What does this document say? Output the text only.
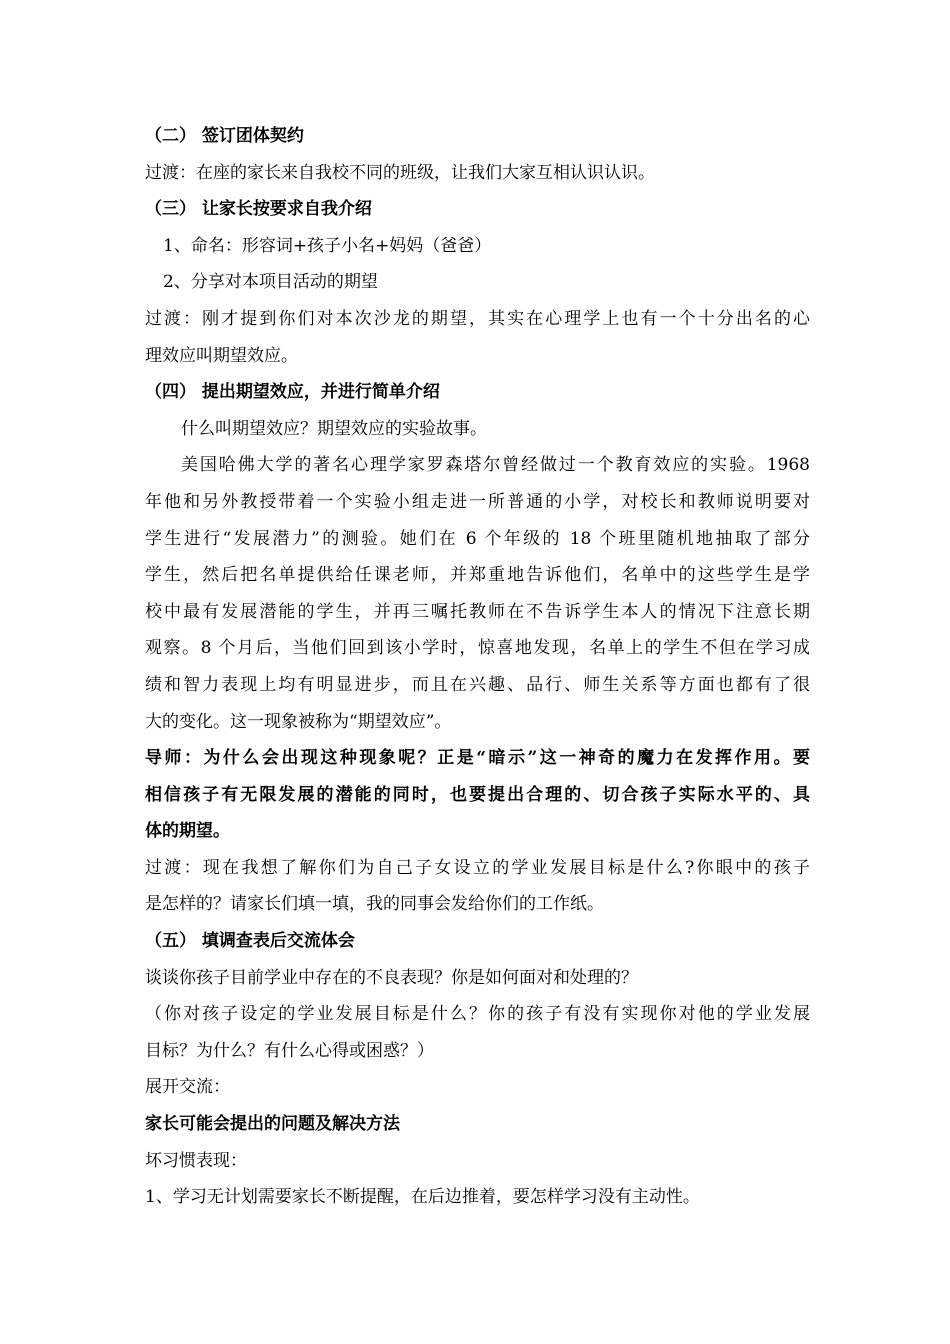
（二） 签订团体契约
过渡：在座的家长来自我校不同的班级，让我们大家互相认识认识。
（三） 让家长按要求自我介绍
1、命名：形容词+孩子小名+妈妈（爸爸）
2、分享对本项目活动的期望
过渡：刚才提到你们对本次沙龙的期望，其实在心理学上也有一个十分出名的心
理效应叫期望效应。
（四） 提出期望效应，并进行简单介绍
什么叫期望效应？期望效应的实验故事。
美国哈佛大学的著名心理学家罗森塔尔曾经做过一个教育效应的实验。1968
年他和另外教授带着一个实验小组走进一所普通的小学，对校长和教师说明要对
学生进行“发展潜力”的测验。她们在 6 个年级的 18 个班里随机地抽取了部分
学生，然后把名单提供给任课老师，并郑重地告诉他们，名单中的这些学生是学
校中最有发展潜能的学生，并再三嘱托教师在不告诉学生本人的情况下注意长期
观察。8 个月后，当他们回到该小学时，惊喜地发现，名单上的学生不但在学习成
绩和智力表现上均有明显进步，而且在兴趣、品行、师生关系等方面也都有了很
大的变化。这一现象被称为“期望效应”。
导师：为什么会出现这种现象呢？正是“暗示”这一神奇的魔力在发挥作用。要
相信孩子有无限发展的潜能的同时，也要提出合理的、切合孩子实际水平的、具
体的期望。
过渡：现在我想了解你们为自己子女设立的学业发展目标是什么?你眼中的孩子
是怎样的？请家长们填一填，我的同事会发给你们的工作纸。
（五） 填调查表后交流体会
谈谈你孩子目前学业中存在的不良表现？你是如何面对和处理的？
（你对孩子设定的学业发展目标是什么？你的孩子有没有实现你对他的学业发展
目标？为什么？有什么心得或困惑？）
展开交流：
家长可能会提出的问题及解决方法
坏习惯表现：
1、学习无计划需要家长不断提醒，在后边推着，要怎样学习没有主动性。
